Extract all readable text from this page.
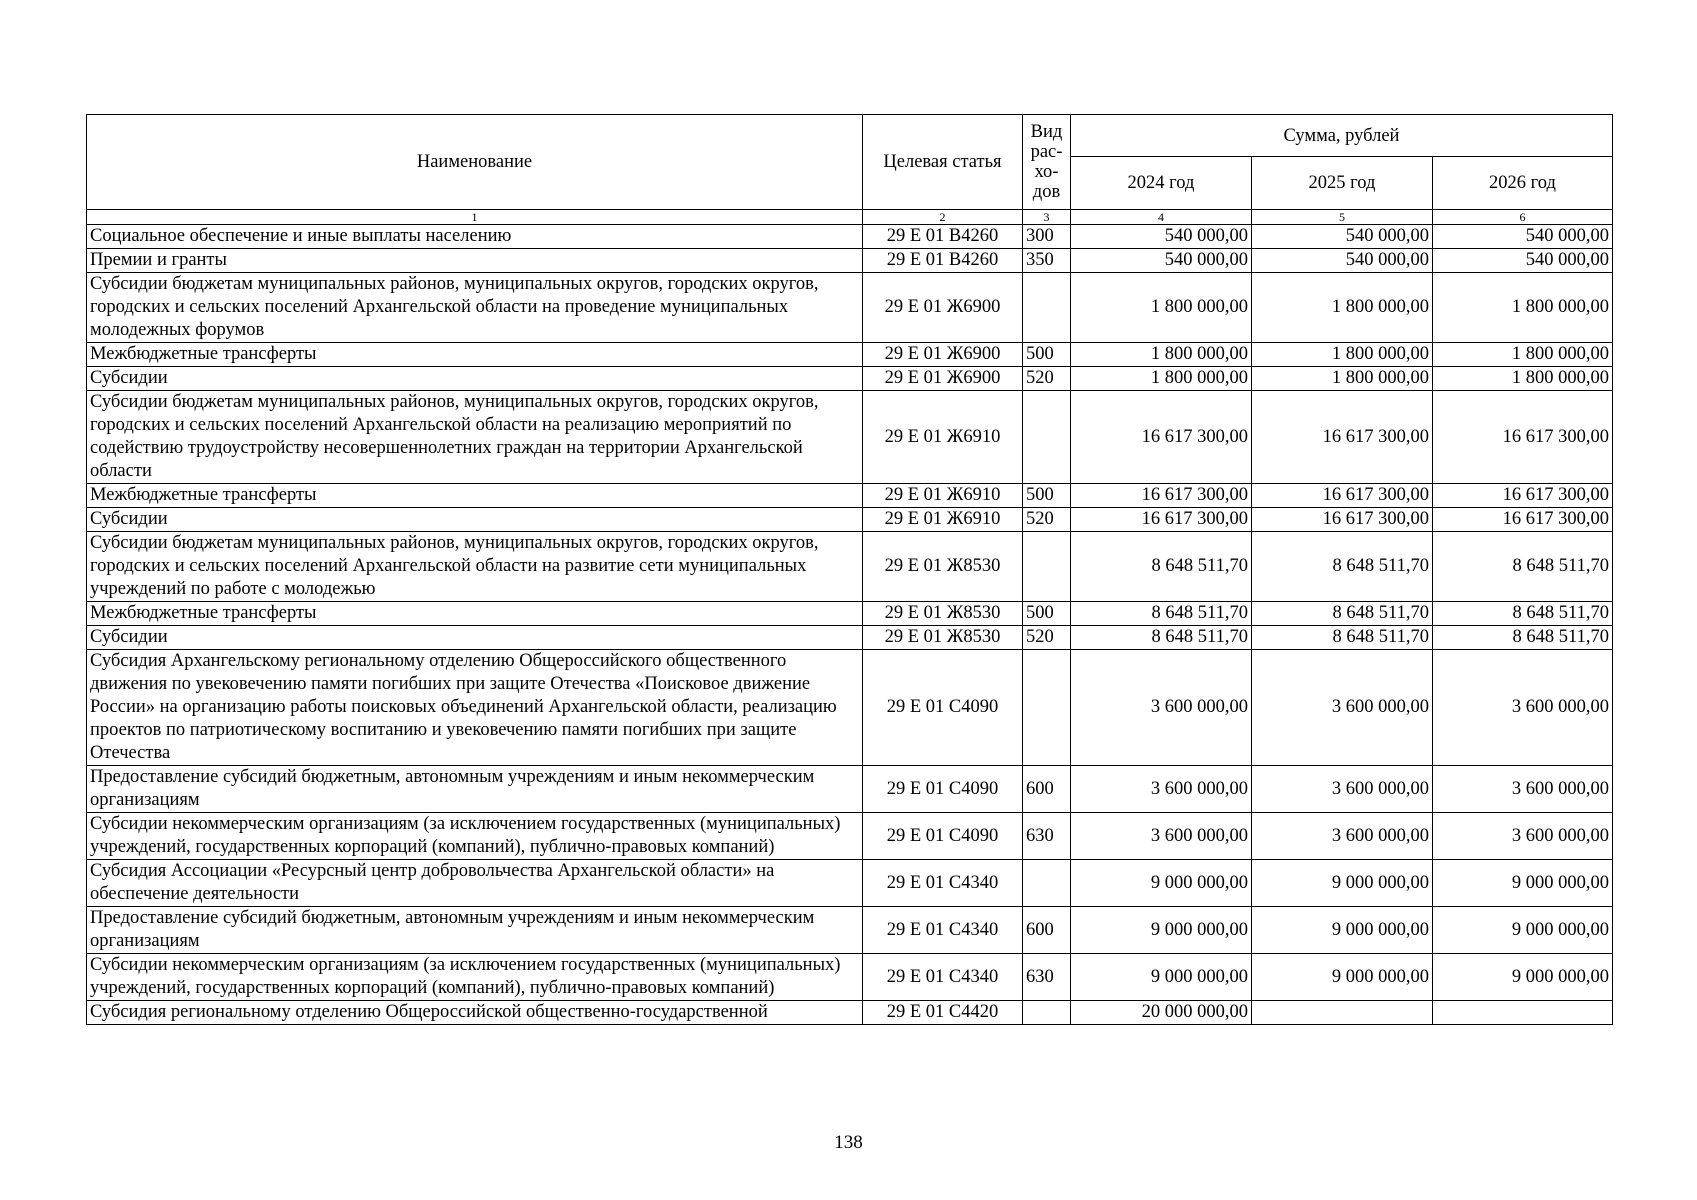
Наименование	Целевая статья	Вид рас-хо-дов	Сумма, рублей		
			2024 год	2025 год	2026 год
1	2	3	4	5	6
Социальное обеспечение и иные выплаты населению	29 Е 01 В4260	300	540 000,00	540 000,00	540 000,00
Премии и гранты	29 Е 01 В4260	350	540 000,00	540 000,00	540 000,00
Субсидии бюджетам муниципальных районов, муниципальных округов, городских округов, городских и сельских поселений Архангельской области на проведение муниципальных молодежных форумов	29 Е 01 Ж6900		1 800 000,00	1 800 000,00	1 800 000,00
Межбюджетные трансферты	29 Е 01 Ж6900	500	1 800 000,00	1 800 000,00	1 800 000,00
Субсидии	29 Е 01 Ж6900	520	1 800 000,00	1 800 000,00	1 800 000,00
Субсидии бюджетам муниципальных районов, муниципальных округов, городских округов, городских и сельских поселений Архангельской области на реализацию мероприятий по содействию трудоустройству несовершеннолетних граждан на территории Архангельской области	29 Е 01 Ж6910		16 617 300,00	16 617 300,00	16 617 300,00
Межбюджетные трансферты	29 Е 01 Ж6910	500	16 617 300,00	16 617 300,00	16 617 300,00
Субсидии	29 Е 01 Ж6910	520	16 617 300,00	16 617 300,00	16 617 300,00
Субсидии бюджетам муниципальных районов, муниципальных округов, городских округов, городских и сельских поселений Архангельской области на развитие сети муниципальных учреждений по работе с молодежью	29 Е 01 Ж8530		8 648 511,70	8 648 511,70	8 648 511,70
Межбюджетные трансферты	29 Е 01 Ж8530	500	8 648 511,70	8 648 511,70	8 648 511,70
Субсидии	29 Е 01 Ж8530	520	8 648 511,70	8 648 511,70	8 648 511,70
Субсидия Архангельскому региональному отделению Общероссийского общественного движения по увековечению памяти погибших при защите Отечества «Поисковое движение России» на организацию работы поисковых объединений Архангельской области, реализацию проектов по патриотическому воспитанию и увековечению памяти погибших при защите Отечества	29 Е 01 С4090		3 600 000,00	3 600 000,00	3 600 000,00
Предоставление субсидий бюджетным, автономным учреждениям и иным некоммерческим организациям	29 Е 01 С4090	600	3 600 000,00	3 600 000,00	3 600 000,00
Субсидии некоммерческим организациям (за исключением государственных (муниципальных) учреждений, государственных корпораций (компаний), публично-правовых компаний)	29 Е 01 С4090	630	3 600 000,00	3 600 000,00	3 600 000,00
Субсидия Ассоциации «Ресурсный центр добровольчества Архангельской области» на обеспечение деятельности	29 Е 01 С4340		9 000 000,00	9 000 000,00	9 000 000,00
Предоставление субсидий бюджетным, автономным учреждениям и иным некоммерческим организациям	29 Е 01 С4340	600	9 000 000,00	9 000 000,00	9 000 000,00
Субсидии некоммерческим организациям (за исключением государственных (муниципальных) учреждений, государственных корпораций (компаний), публично-правовых компаний)	29 Е 01 С4340	630	9 000 000,00	9 000 000,00	9 000 000,00
Субсидия региональному отделению Общероссийской общественно-государственной	29 Е 01 С4420		20 000 000,00		
138
